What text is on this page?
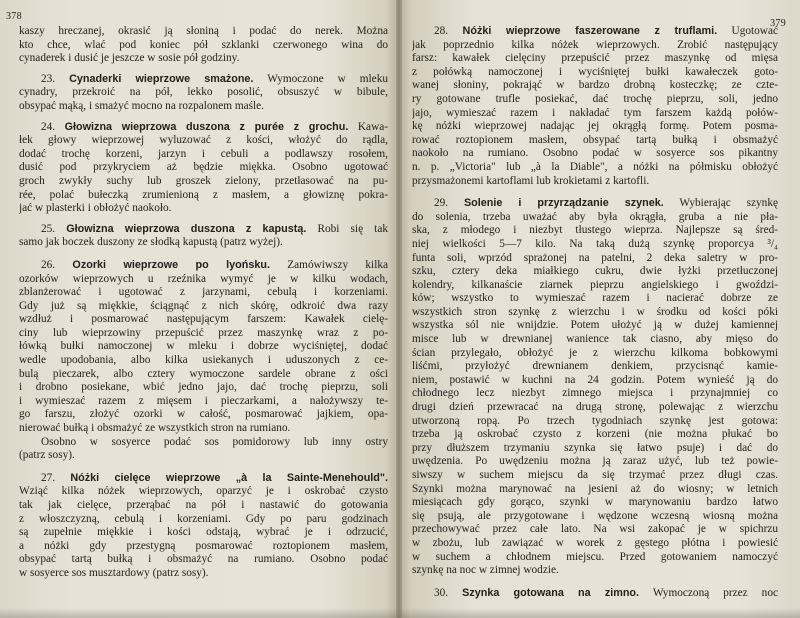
378
kaszy hreczanej, okrasić ją słoniną i podać do nerek. Można
kto chce, wlać pod koniec pół szklanki czerwonego wina do
cynaderek i dusić je jeszcze w sosie pół godziny.
23. Cynaderki wieprzowe smażone. Wymoczone w mleku
cynadry, przekroić na pół, lekko posolić, obsuszyć w bibule,
obsypać mąką, i smażyć mocno na rozpalonem maśle.
24. Głowizna wieprzowa duszona z purée z grochu. Kawa-
łek głowy wieprzowej wyluzować z kości, włożyć do rądla,
dodać trochę korzeni, jarzyn i cebuli a podlawszy rosołem,
dusić pod przykryciem aż będzie miękka. Osobno ugotować
groch zwykły suchy lub groszek zielony, przetłasować na pu-
rée, polać bułeczką zrumienioną z masłem, a głowiznę pokra-
jać w plasterki i obłożyć naokoło.
25. Głowizna wieprzowa duszona z kapustą. Robi się tak
samo jak boczek duszony ze słodką kapustą (patrz wyżej).
26. Ozorki wieprzowe po lyońsku. Zamówiwszy kilka
ozorków wieprzowych u rzeźnika wymyć je w kilku wodach,
zblanżerować i ugotować z jarzynami, cebulą i korzeniami.
Gdy już są miękkie, ściągnąć z nich skórę, odkroić dwa razy
wzdłuż i posmarować następującym farszem: Kawałek cielę-
ciny lub wieprzowiny przepuścić przez maszynkę wraz z po-
łówką bułki namoczonej w mleku i dobrze wyciśniętej, dodać
wedle upodobania, albo kilka usiekanych i uduszonych z ce-
bulą pieczarek, albo cztery wymoczone sardele obrane z ości
i drobno posiekane, wbić jedno jajo, dać trochę pieprzu, soli
i wymieszać razem z mięsem i pieczarkami, a nałożywszy te-
go farszu, złożyć ozorki w całość, posmarować jajkiem, opa-
nierować bułką i obsmażyć ze wszystkich stron na rumiano.
Osobno w sosyerce podać sos pomidorowy lub inny ostry
(patrz sosy).
27. Nóżki cielęce wieprzowe „à la Sainte-Menehould".
Wziąć kilka nóżek wieprzowych, oparzyć je i oskrobać czysto
tak jak cielęce, przerąbać na pół i nastawić do gotowania
z włoszczyzną, cebulą i korzeniami. Gdy po paru godzinach
są zupełnie miękkie i kości odstają, wybrać je i odrzucić,
a nóżki gdy przestygną posmarować roztopionem masłem,
obsypać tartą bułką i obsmażyć na rumiano. Osobno podać
w sosyerce sos musztardowy (patrz sosy).
379
28. Nóżki wieprzowe faszerowane z truflami. Ugotować
jak poprzednio kilka nóżek wieprzowych. Zrobić następujący
farsz: kawałek cielęciny przepuścić przez maszynkę od mięsa
z połówką namoczonej i wyciśniętej bułki kawałeczek goto-
wanej słoniny, pokrająć w bardzo drobną kosteczkę; ze czte-
ry gotowane trufle posiekać, dać trochę pieprzu, soli, jedno
jajo, wymieszać razem i nakładać tym farszem każdą połów-
kę nóżki wieprzowej nadając jej okrągłą formę. Potem posma-
rować roztopionem masłem, obsypać tartą bułką i obsmażyć
naokoło na rumiano. Osobno podać w sosyerce sos pikantny
n. p. „Victoria" lub „à la Diable", a nóżki na półmisku obłożyć
przysmażonemi kartoflami lub krokietami z kartofli.
29. Solenie i przyrządzanie szynek. Wybierając szynkę
do solenia, trzeba uważać aby była okrągła, gruba a nie pła-
ska, z młodego i niezbyt tłustego wieprza. Najlepsze są śred-
niej wielkości 5—7 kilo. Na taką dużą szynkę proporcya ³/₄
funta soli, wprzód sprażonej na patelni, 2 deka saletry w pro-
szku, cztery deka miałkiego cukru, dwie łyżki przetłuczonej
kolendry, kilkanaście ziarnek pieprzu angielskiego i gwoździ-
ków; wszystko to wymieszać razem i nacierać dobrze ze
wszystkich stron szynkę z wierzchu i w środku od kości póki
wszystka sól nie wnijdzie. Potem ułożyć ją w dużej kamiennej
misce lub w drewnianej wanience tak ciasno, aby mięso do
ścian przylegało, obłożyć je z wierzchu kilkoma bobkowymi
liśćmi, przyłożyć drewnianem denkiem, przycisnąć kamie-
niem, postawić w kuchni na 24 godzin. Potem wynieść ją do
chłodnego lecz niezbyt zimnego miejsca i przynajmniej co
drugi dzień przewracać na drugą stronę, polewając z wierzchu
utworzoną ropą. Po trzech tygodniach szynkę jest gotowa:
trzeba ją oskrobać czysto z korzeni (nie można płukać bo
przy dłuższem trzymaniu szynka się łatwo psuje) i dać do
uwędzenia. Po uwędzeniu można ją zaraz użyć, lub też powie-
siwszy w suchem miejscu da się trzymać przez długi czas.
Szynki można marynować na jesieni aż do wiosny; w letnich
miesiącach gdy gorąco, szynki w marynowaniu bardzo łatwo
się psują, ale przygotowane i wędzone wczesną wiosną można
przechowywać przez całe lato. Na wsi zakopać je w spichrzu
w zbożu, lub zawiązać w worek z gęstego płótna i powiesić
w suchem a chłodnem miejscu. Przed gotowaniem namoczyć
szynkę na noc w zimnej wodzie.
30. Szynka gotowana na zimno. Wymoczoną przez noc
